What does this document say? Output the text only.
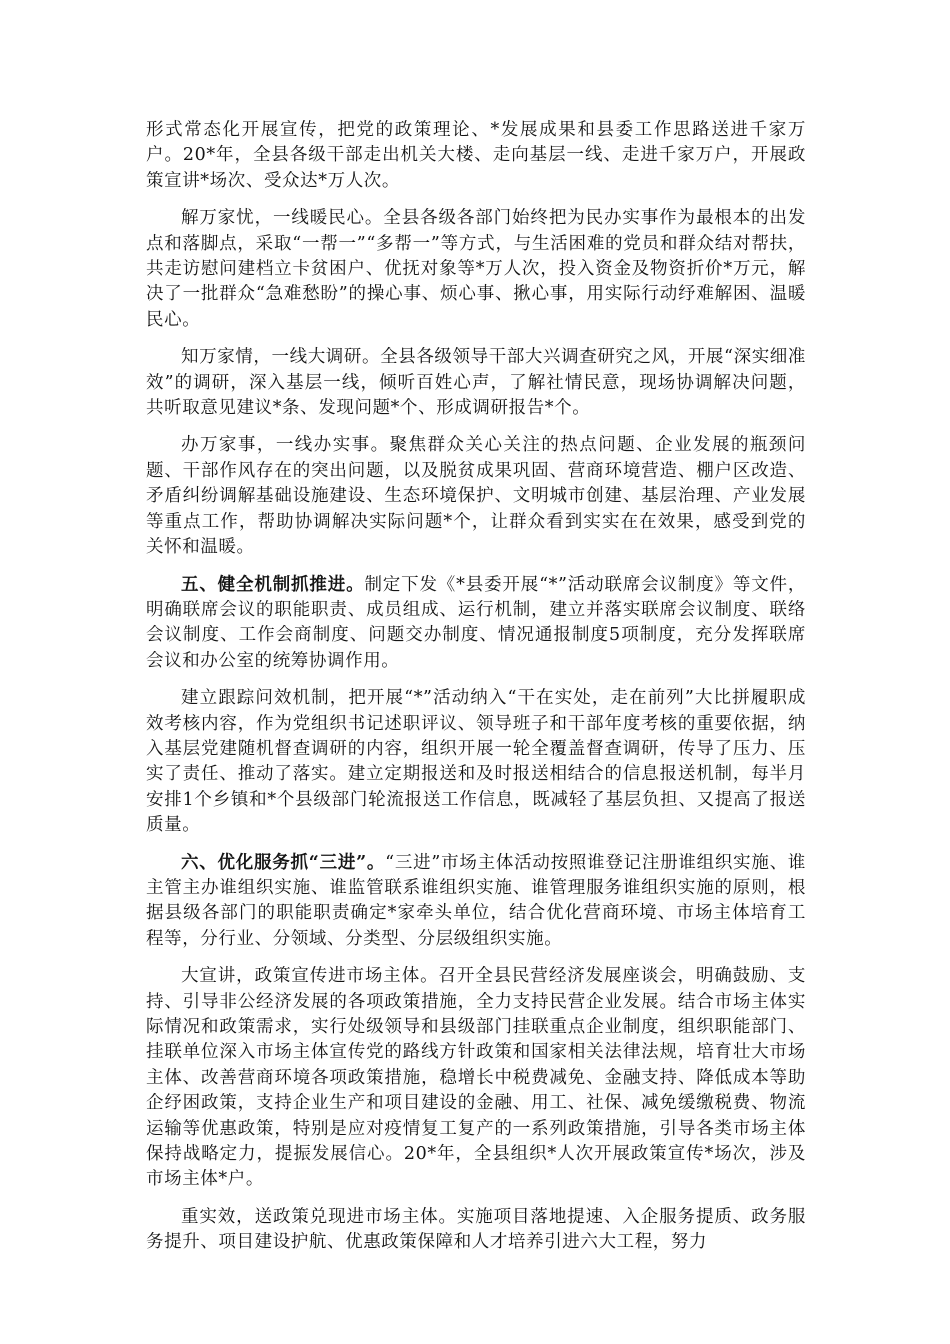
形式常态化开展宣传，把党的政策理论、*发展成果和县委工作思路送进千家万户。20*年，全县各级干部走出机关大楼、走向基层一线、走进千家万户，开展政策宣讲*场次、受众达*万人次。

解万家忧，一线暖民心。全县各级各部门始终把为民办实事作为最根本的出发点和落脚点，采取“一帮一”“多帮一”等方式，与生活困难的党员和群众结对帮扶，共走访慰问建档立卡贫困户、优抚对象等*万人次，投入资金及物资折价*万元，解决了一批群众“急难愁盼”的操心事、烦心事、揪心事，用实际行动纾难解困、温暖民心。

知万家情，一线大调研。全县各级领导干部大兴调查研究之风，开展“深实细准效”的调研，深入基层一线，倾听百姓心声，了解社情民意，现场协调解决问题，共听取意见建议*条、发现问题*个、形成调研报告*个。

办万家事，一线办实事。聚焦群众关心关注的热点问题、企业发展的瓶颈问题、干部作风存在的突出问题，以及脱贫成果巩固、营商环境营造、棚户区改造、矛盾纠纷调解基础设施建设、生态环境保护、文明城市创建、基层治理、产业发展等重点工作，帮助协调解决实际问题*个，让群众看到实实在在效果，感受到党的关怀和温暖。

五、健全机制抓推进。制定下发《*县委开展“*”活动联席会议制度》等文件，明确联席会议的职能职责、成员组成、运行机制，建立并落实联席会议制度、联络会议制度、工作会商制度、问题交办制度、情况通报制度5项制度，充分发挥联席会议和办公室的统筹协调作用。

建立跟踪问效机制，把开展“*”活动纳入“干在实处，走在前列”大比拼履职成效考核内容，作为党组织书记述职评议、领导班子和干部年度考核的重要依据，纳入基层党建随机督查调研的内容，组织开展一轮全覆盖督查调研，传导了压力、压实了责任、推动了落实。建立定期报送和及时报送相结合的信息报送机制，每半月安排1个乡镇和*个县级部门轮流报送工作信息，既减轻了基层负担、又提高了报送质量。

六、优化服务抓“三进”。“三进”市场主体活动按照谁登记注册谁组织实施、谁主管主办谁组织实施、谁监管联系谁组织实施、谁管理服务谁组织实施的原则，根据县级各部门的职能职责确定*家牵头单位，结合优化营商环境、市场主体培育工程等，分行业、分领域、分类型、分层级组织实施。

大宣讲，政策宣传进市场主体。召开全县民营经济发展座谈会，明确鼓励、支持、引导非公经济发展的各项政策措施，全力支持民营企业发展。结合市场主体实际情况和政策需求，实行处级领导和县级部门挂联重点企业制度，组织职能部门、挂联单位深入市场主体宣传党的路线方针政策和国家相关法律法规，培育壮大市场主体、改善营商环境各项政策措施，稳增长中税费减免、金融支持、降低成本等助企纾困政策，支持企业生产和项目建设的金融、用工、社保、减免缓缴税费、物流运输等优惠政策，特别是应对疫情复工复产的一系列政策措施，引导各类市场主体保持战略定力，提振发展信心。20*年，全县组织*人次开展政策宣传*场次，涉及市场主体*户。

重实效，送政策兑现进市场主体。实施项目落地提速、入企服务提质、政务服务提升、项目建设护航、优惠政策保障和人才培养引进六大工程，努力
